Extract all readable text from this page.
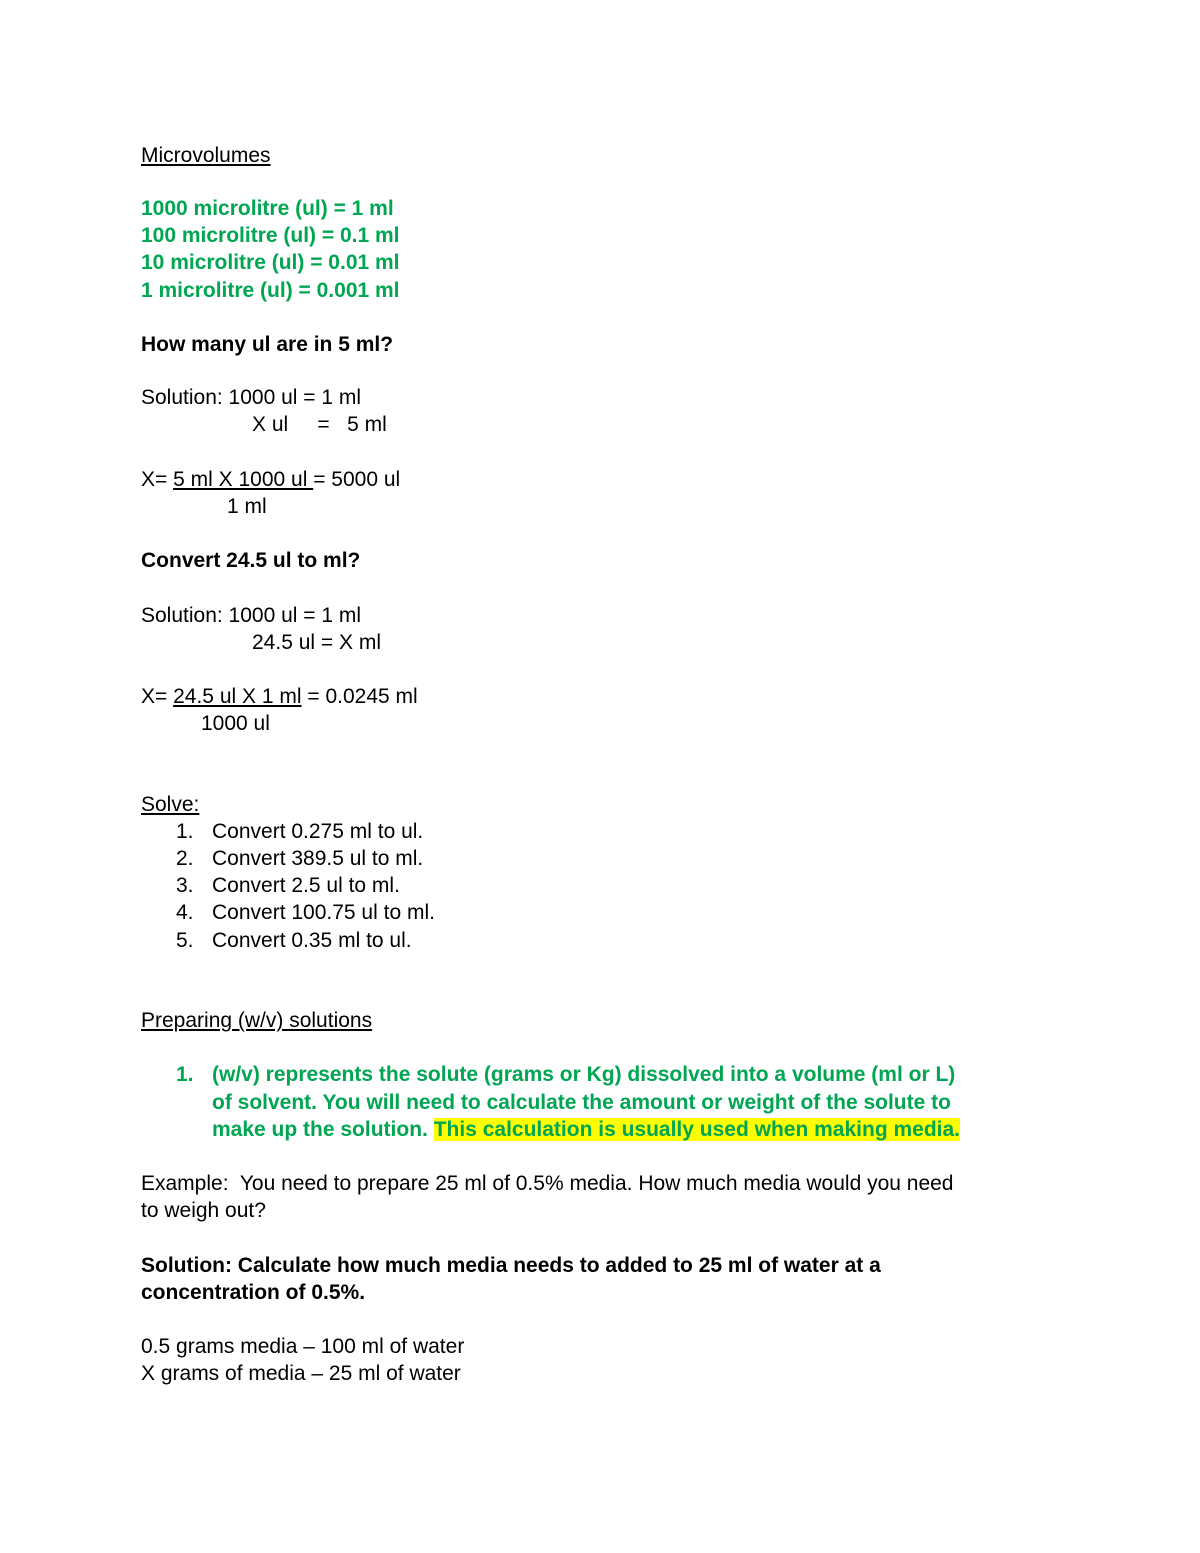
Microvolumes
1000 microlitre (ul) = 1 ml
100 microlitre (ul) = 0.1 ml
10 microlitre (ul) = 0.01 ml
1 microlitre (ul) = 0.001 ml
How many ul are in 5 ml?
Solution: 1000 ul = 1 ml
X ul     =   5 ml
X= 5 ml X 1000 ul = 5000 ul
1 ml
Convert 24.5 ul to ml?
Solution: 1000 ul = 1 ml
24.5 ul = X ml
X= 24.5 ul X 1 ml = 0.0245 ml
1000 ul
Solve:
1. Convert 0.275 ml to ul.
2. Convert 389.5 ul to ml.
3. Convert 2.5 ul to ml.
4. Convert 100.75 ul to ml.
5. Convert 0.35 ml to ul.
Preparing (w/v) solutions
1. (w/v) represents the solute (grams or Kg) dissolved into a volume (ml or L)
of solvent. You will need to calculate the amount or weight of the solute to
make up the solution. This calculation is usually used when making media.
Example:  You need to prepare 25 ml of 0.5% media. How much media would you need
to weigh out?
Solution: Calculate how much media needs to added to 25 ml of water at a
concentration of 0.5%.
0.5 grams media – 100 ml of water
X grams of media – 25 ml of water
